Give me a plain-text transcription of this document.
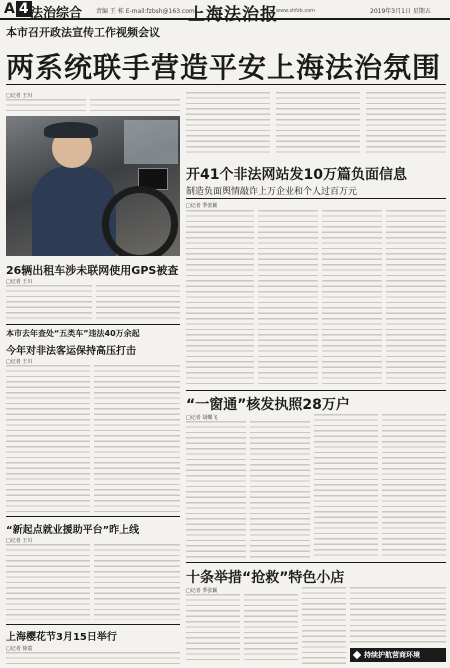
A 4 法治综合 责编 王 栋 E-mail:fzbsh@163.com
上海法治报
www.shfzb.com	2019年3月1日 星期五
本市召开政法宣传工作视频会议
两系统联手营造平安上海法治氛围
□记者 王川
开41个非法网站发10万篇负面信息
制造负面舆情敲诈上万企业和个人过百万元
□记者 季张颖
26辆出租车涉未联网使用GPS被查
□记者 王川
本市去年查处“五类车”违法40万余起
今年对非法客运保持高压打击
□记者 王川
“一窗通”核发执照28万户
□记者 胡蝶飞
“新起点就业援助平台”昨上线
□记者 王川
上海樱花节3月15日举行
□记者 徐荔
十条举措“抢救”特色小店
□记者 季张颖
持续护航营商环境
